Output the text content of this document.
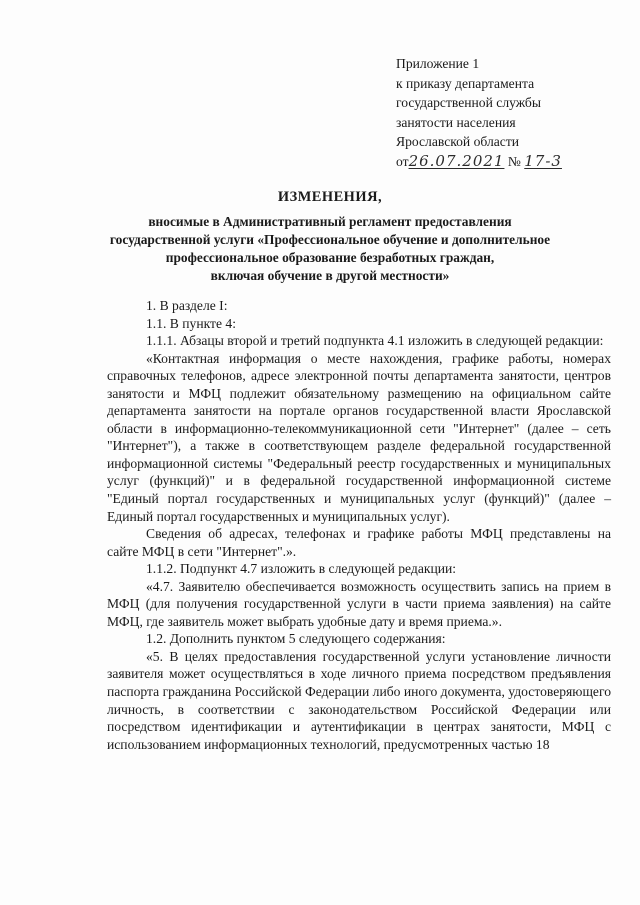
Приложение 1
к приказу департамента
государственной службы
занятости населения
Ярославской области
от26.07.2021 № 17-3
ИЗМЕНЕНИЯ,
вносимые в Административный регламент предоставления
государственной услуги «Профессиональное обучение и дополнительное
профессиональное образование безработных граждан,
включая обучение в другой местности»
1. В разделе I:
1.1. В пункте 4:
1.1.1. Абзацы второй и третий подпункта 4.1 изложить в следующей редакции:
«Контактная информация о месте нахождения, графике работы, номерах справочных телефонов, адресе электронной почты департамента занятости, центров занятости и МФЦ подлежит обязательному размещению на официальном сайте департамента занятости на портале органов государственной власти Ярославской области в информационно-телекоммуникационной сети "Интернет" (далее – сеть "Интернет"), а также в соответствующем разделе федеральной государственной информационной системы "Федеральный реестр государственных и муниципальных услуг (функций)" и в федеральной государственной информационной системе "Единый портал государственных и муниципальных услуг (функций)" (далее – Единый портал государственных и муниципальных услуг).
Сведения об адресах, телефонах и графике работы МФЦ представлены на сайте МФЦ в сети "Интернет".».
1.1.2. Подпункт 4.7 изложить в следующей редакции:
«4.7. Заявителю обеспечивается возможность осуществить запись на прием в МФЦ (для получения государственной услуги в части приема заявления) на сайте МФЦ, где заявитель может выбрать удобные дату и время приема.».
1.2. Дополнить пунктом 5 следующего содержания:
«5. В целях предоставления государственной услуги установление личности заявителя может осуществляться в ходе личного приема посредством предъявления паспорта гражданина Российской Федерации либо иного документа, удостоверяющего личность, в соответствии с законодательством Российской Федерации или посредством идентификации и аутентификации в центрах занятости, МФЦ с использованием информационных технологий, предусмотренных частью 18
